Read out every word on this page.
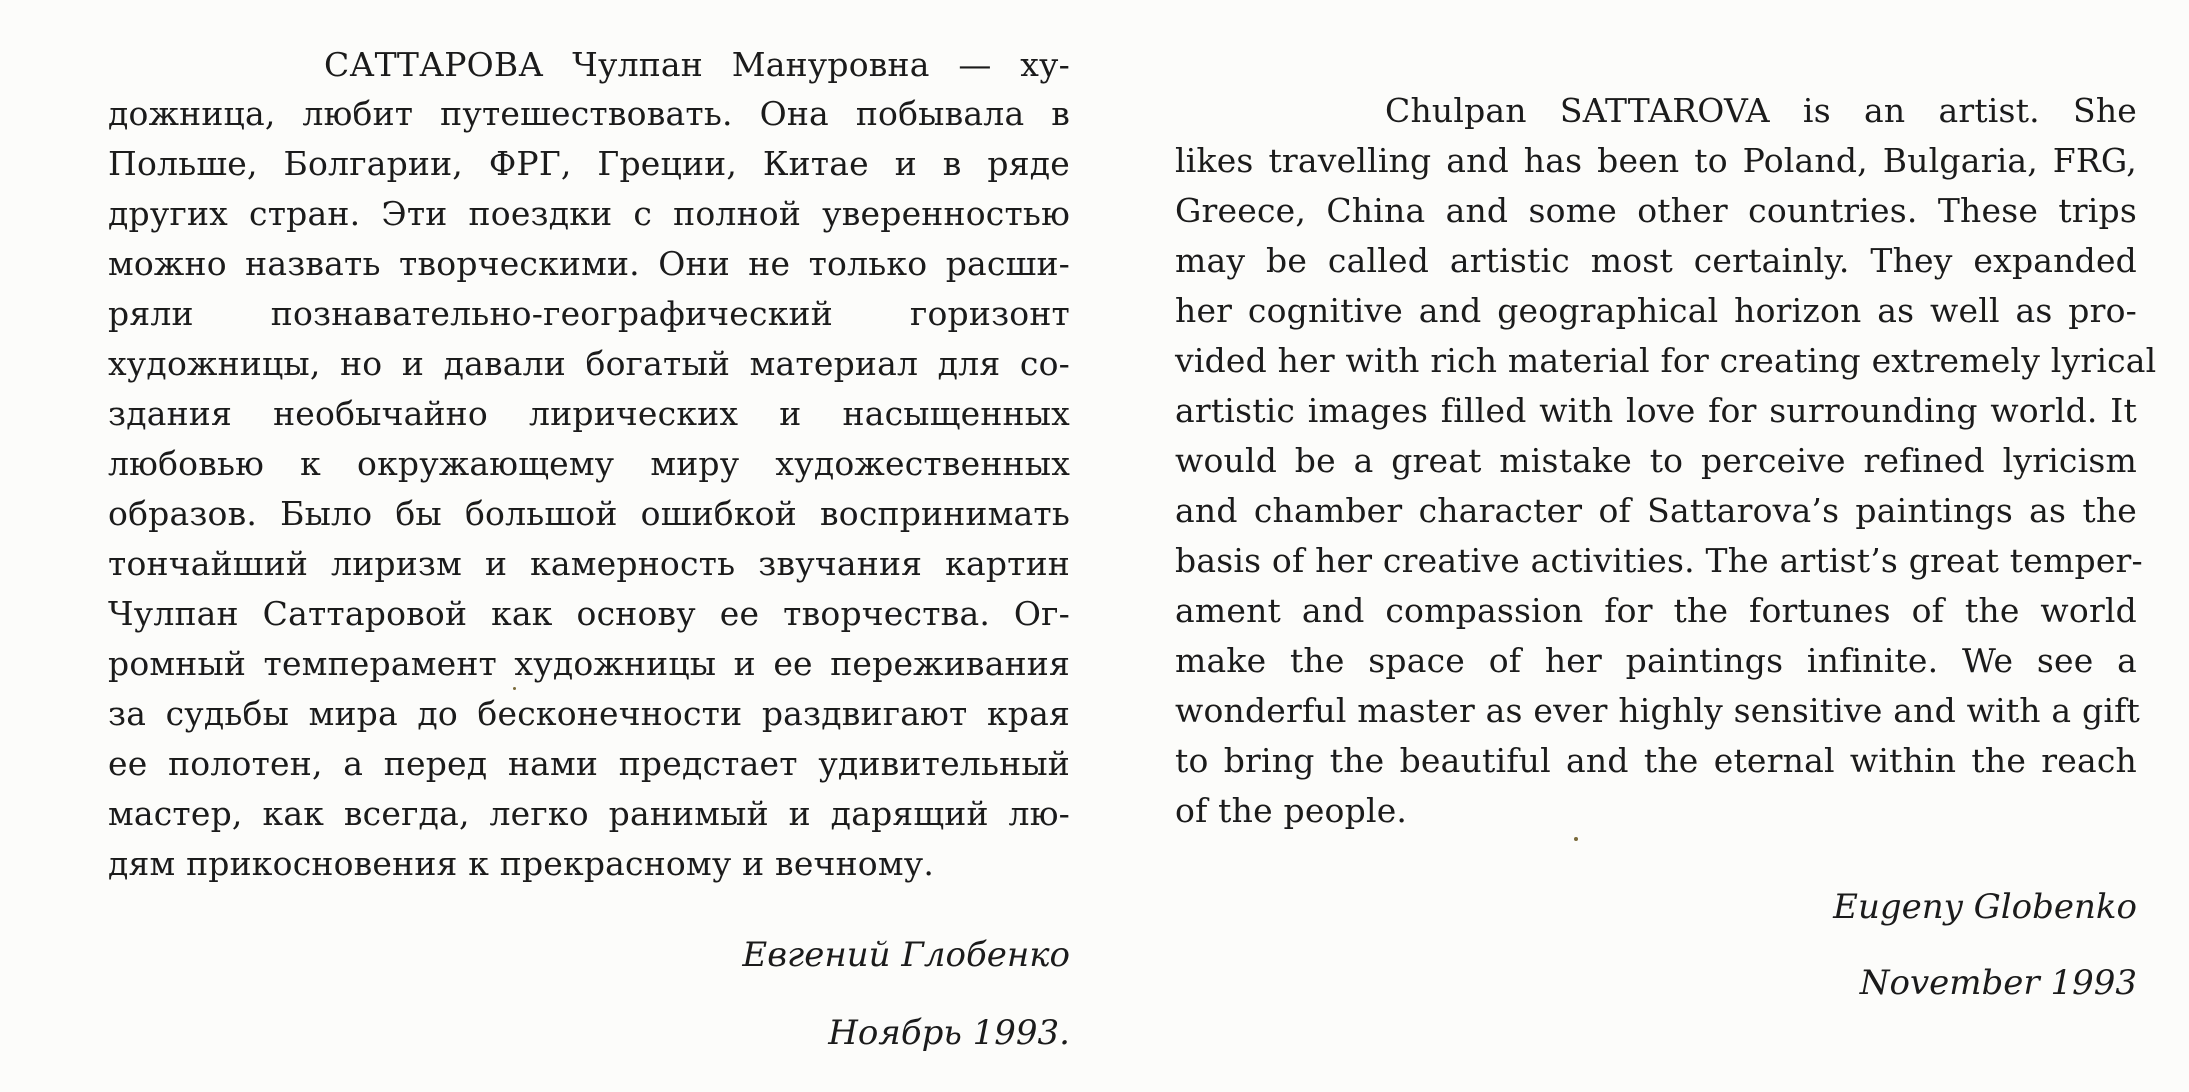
САТТАРОВА Чулпан Мануровна — ху-
дожница, любит путешествовать. Она побывала в
Польше, Болгарии, ФРГ, Греции, Китае и в ряде
других стран. Эти поездки с полной уверенностью
можно назвать творческими. Они не только расши-
ряли познавательно-географический горизонт
художницы, но и давали богатый материал для со-
здания необычайно лирических и насыщенных
любовью к окружающему миру художественных
образов. Было бы большой ошибкой воспринимать
тончайший лиризм и камерность звучания картин
Чулпан Саттаровой как основу ее творчества. Ог-
ромный темперамент художницы и ее переживания
за судьбы мира до бесконечности раздвигают края
ее полотен, а перед нами предстает удивительный
мастер, как всегда, легко ранимый и дарящий лю-
дям прикосновения к прекрасному и вечному.
Евгений Глобенко
Ноябрь 1993.
Chulpan SATTAROVA is an artist. She
likes travelling and has been to Poland, Bulgaria, FRG,
Greece, China and some other countries. These trips
may be called artistic most certainly. They expanded
her cognitive and geographical horizon as well as pro-
vided her with rich material for creating extremely lyrical
artistic images filled with love for surrounding world. It
would be a great mistake to perceive refined lyricism
and chamber character of Sattarova’s paintings as the
basis of her creative activities. The artist’s great temper-
ament and compassion for the fortunes of the world
make the space of her paintings infinite. We see a
wonderful master as ever highly sensitive and with a gift
to bring the beautiful and the eternal within the reach
of the people.
Eugeny Globenko
November 1993
